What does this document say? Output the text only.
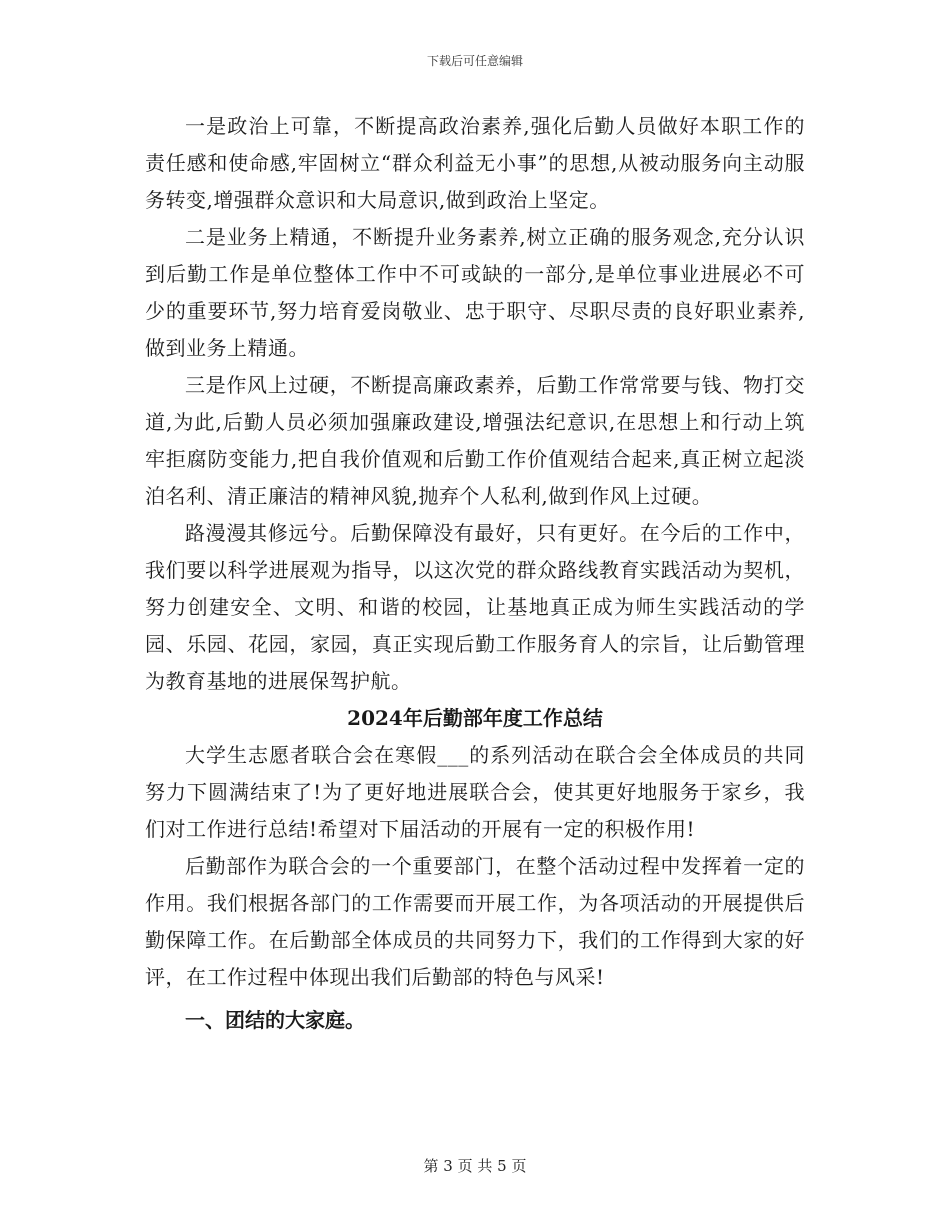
下载后可任意编辑

一是政治上可靠，不断提高政治素养,强化后勤人员做好本职工作的责任感和使命感,牢固树立“群众利益无小事”的思想,从被动服务向主动服务转变,增强群众意识和大局意识,做到政治上坚定。

二是业务上精通，不断提升业务素养,树立正确的服务观念,充分认识到后勤工作是单位整体工作中不可或缺的一部分,是单位事业进展必不可少的重要环节,努力培育爱岗敬业、忠于职守、尽职尽责的良好职业素养,做到业务上精通。

三是作风上过硬，不断提高廉政素养，后勤工作常常要与钱、物打交道,为此,后勤人员必须加强廉政建设,增强法纪意识,在思想上和行动上筑牢拒腐防变能力,把自我价值观和后勤工作价值观结合起来,真正树立起淡泊名利、清正廉洁的精神风貌,抛弃个人私利,做到作风上过硬。

路漫漫其修远兮。后勤保障没有最好，只有更好。在今后的工作中，我们要以科学进展观为指导，以这次党的群众路线教育实践活动为契机，努力创建安全、文明、和谐的校园，让基地真正成为师生实践活动的学园、乐园、花园，家园，真正实现后勤工作服务育人的宗旨，让后勤管理为教育基地的进展保驾护航。

2024年后勤部年度工作总结

大学生志愿者联合会在寒假___的系列活动在联合会全体成员的共同努力下圆满结束了!为了更好地进展联合会，使其更好地服务于家乡，我们对工作进行总结!希望对下届活动的开展有一定的积极作用!

后勤部作为联合会的一个重要部门，在整个活动过程中发挥着一定的作用。我们根据各部门的工作需要而开展工作，为各项活动的开展提供后勤保障工作。在后勤部全体成员的共同努力下，我们的工作得到大家的好评，在工作过程中体现出我们后勤部的特色与风采!

一、团结的大家庭。

第 3 页 共 5 页
